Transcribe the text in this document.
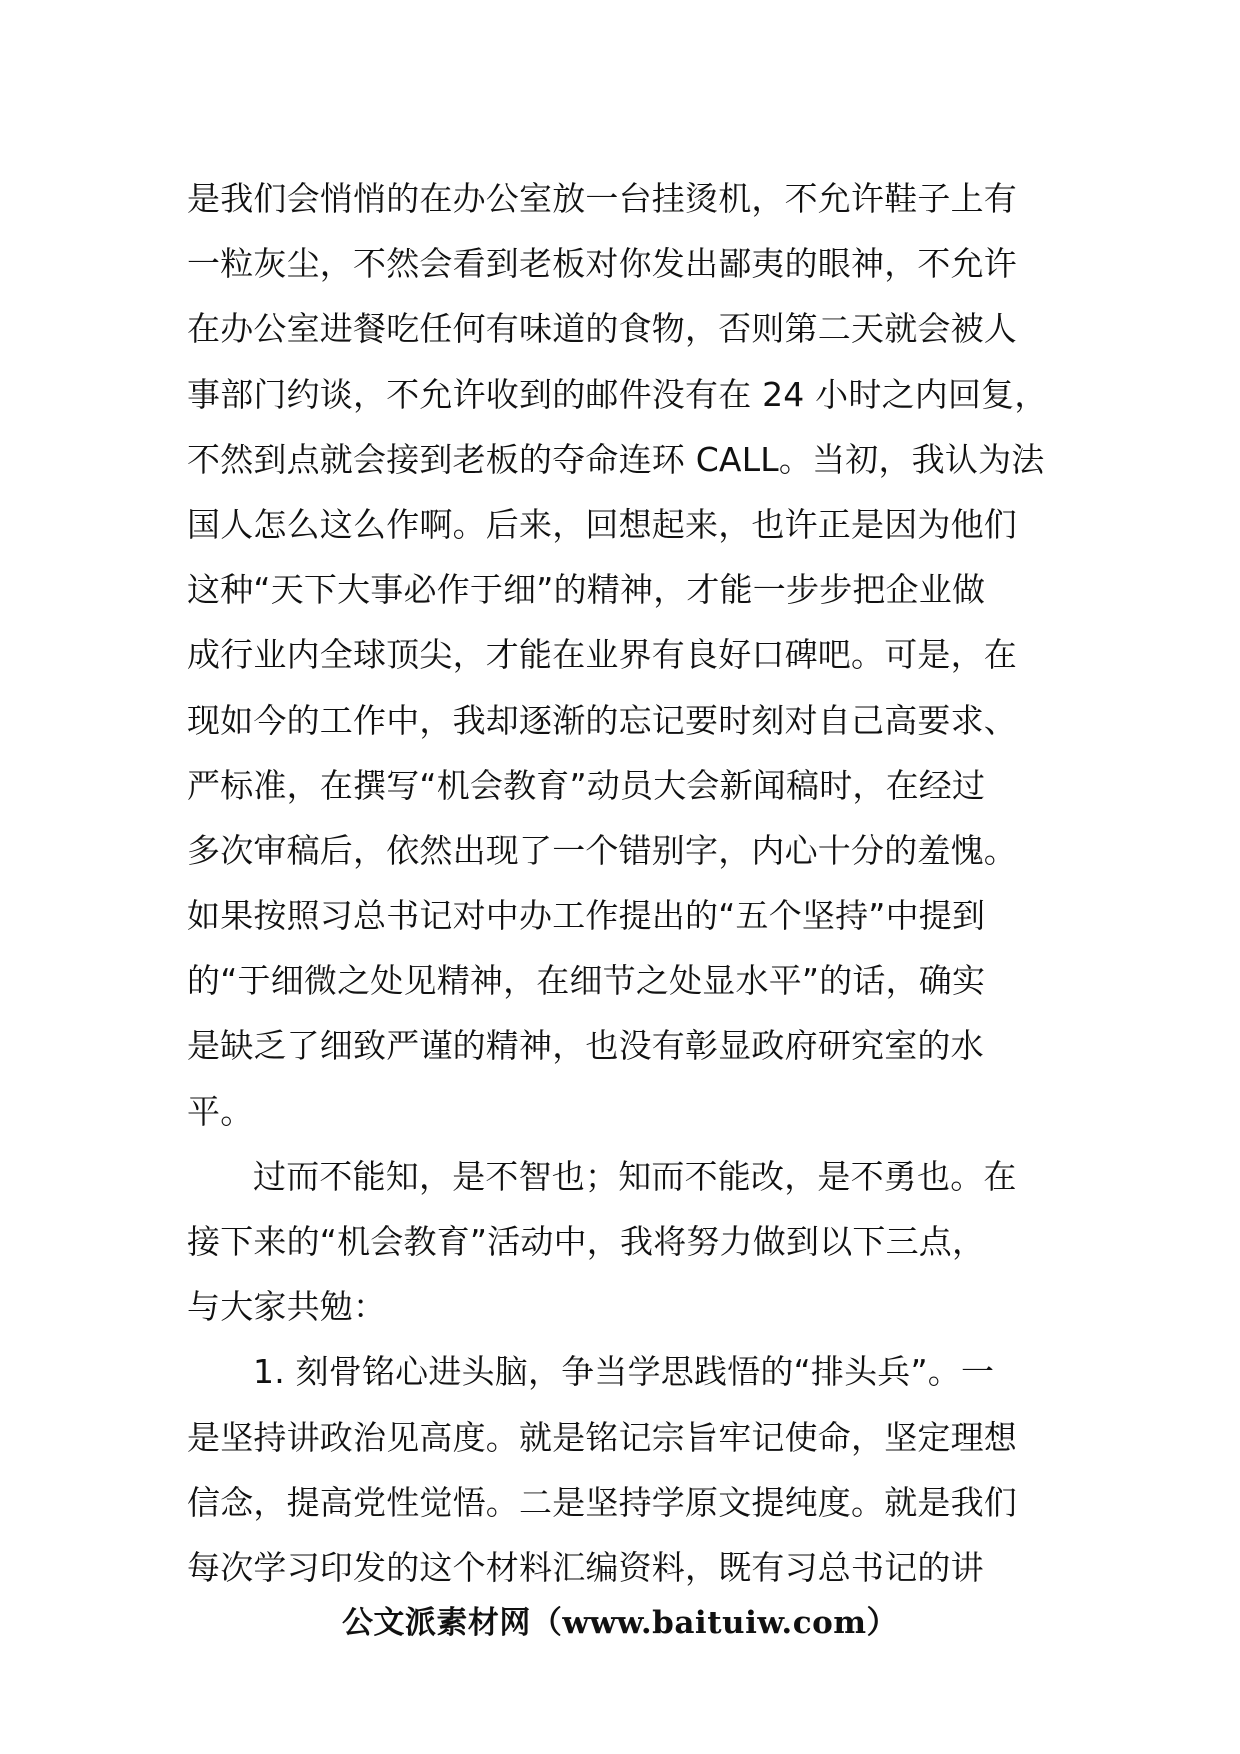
是我们会悄悄的在办公室放一台挂烫机，不允许鞋子上有
一粒灰尘，不然会看到老板对你发出鄙夷的眼神，不允许
在办公室进餐吃任何有味道的食物，否则第二天就会被人
事部门约谈，不允许收到的邮件没有在 24 小时之内回复，
不然到点就会接到老板的夺命连环 CALL。当初，我认为法
国人怎么这么作啊。后来，回想起来，也许正是因为他们
这种“天下大事必作于细”的精神，才能一步步把企业做
成行业内全球顶尖，才能在业界有良好口碑吧。可是，在
现如今的工作中，我却逐渐的忘记要时刻对自己高要求、
严标准，在撰写“机会教育”动员大会新闻稿时，在经过
多次审稿后，依然出现了一个错别字，内心十分的羞愧。
如果按照习总书记对中办工作提出的“五个坚持”中提到
的“于细微之处见精神，在细节之处显水平”的话，确实
是缺乏了细致严谨的精神，也没有彰显政府研究室的水
平。
过而不能知，是不智也；知而不能改，是不勇也。在
接下来的“机会教育”活动中，我将努力做到以下三点，
与大家共勉：
1. 刻骨铭心进头脑，争当学思践悟的“排头兵”。一
是坚持讲政治见高度。就是铭记宗旨牢记使命，坚定理想
信念，提高党性觉悟。二是坚持学原文提纯度。就是我们
每次学习印发的这个材料汇编资料，既有习总书记的讲
公文派素材网（www.baituiw.com）
